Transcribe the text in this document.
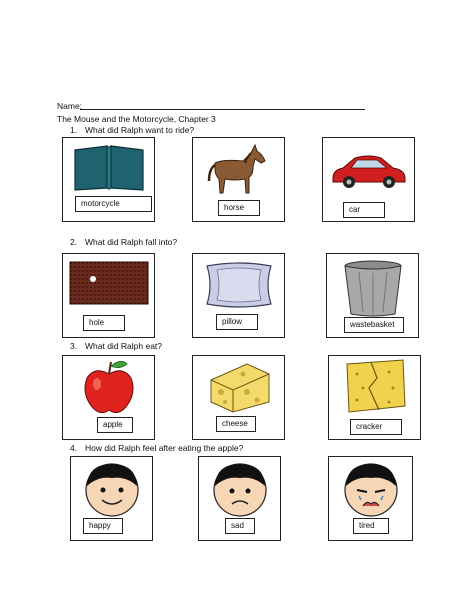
Name:
The Mouse and the Motorcycle, Chapter 3
1. What did Ralph want to ride?
motorcycle	horse	car
2. What did Ralph fall into?
hole	pillow	wastebasket
3. What did Ralph eat?
apple	cheese	cracker
4. How did Ralph feel after eating the apple?
happy	sad	tired
